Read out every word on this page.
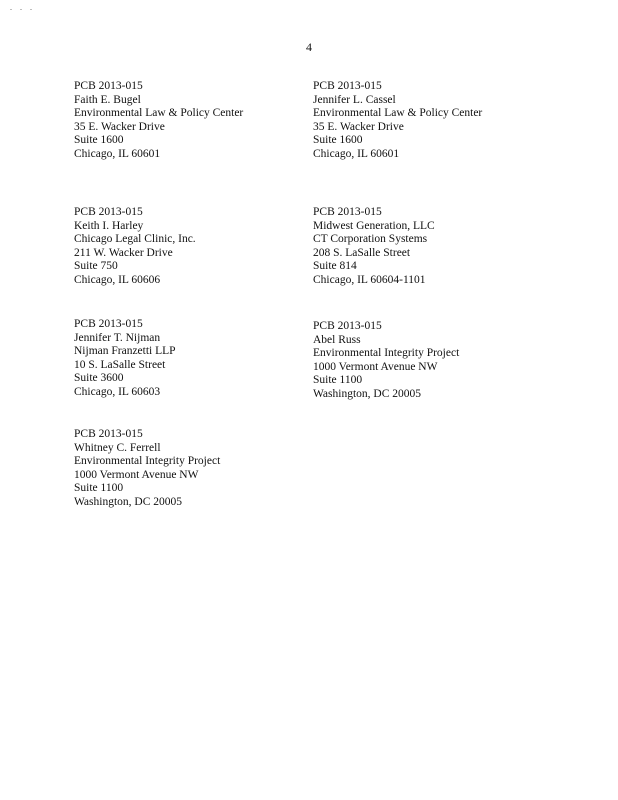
. . .
4
PCB 2013-015
Faith E. Bugel
Environmental Law & Policy Center
35 E. Wacker Drive
Suite 1600
Chicago, IL 60601
PCB 2013-015
Jennifer L. Cassel
Environmental Law & Policy Center
35 E. Wacker Drive
Suite 1600
Chicago, IL 60601
PCB 2013-015
Keith I. Harley
Chicago Legal Clinic, Inc.
211 W. Wacker Drive
Suite 750
Chicago, IL 60606
PCB 2013-015
Midwest Generation, LLC
CT Corporation Systems
208 S. LaSalle Street
Suite 814
Chicago, IL 60604-1101
PCB 2013-015
Jennifer T. Nijman
Nijman Franzetti LLP
10 S. LaSalle Street
Suite 3600
Chicago, IL 60603
PCB 2013-015
Abel Russ
Environmental Integrity Project
1000 Vermont Avenue NW
Suite 1100
Washington, DC 20005
PCB 2013-015
Whitney C. Ferrell
Environmental Integrity Project
1000 Vermont Avenue NW
Suite 1100
Washington, DC 20005
